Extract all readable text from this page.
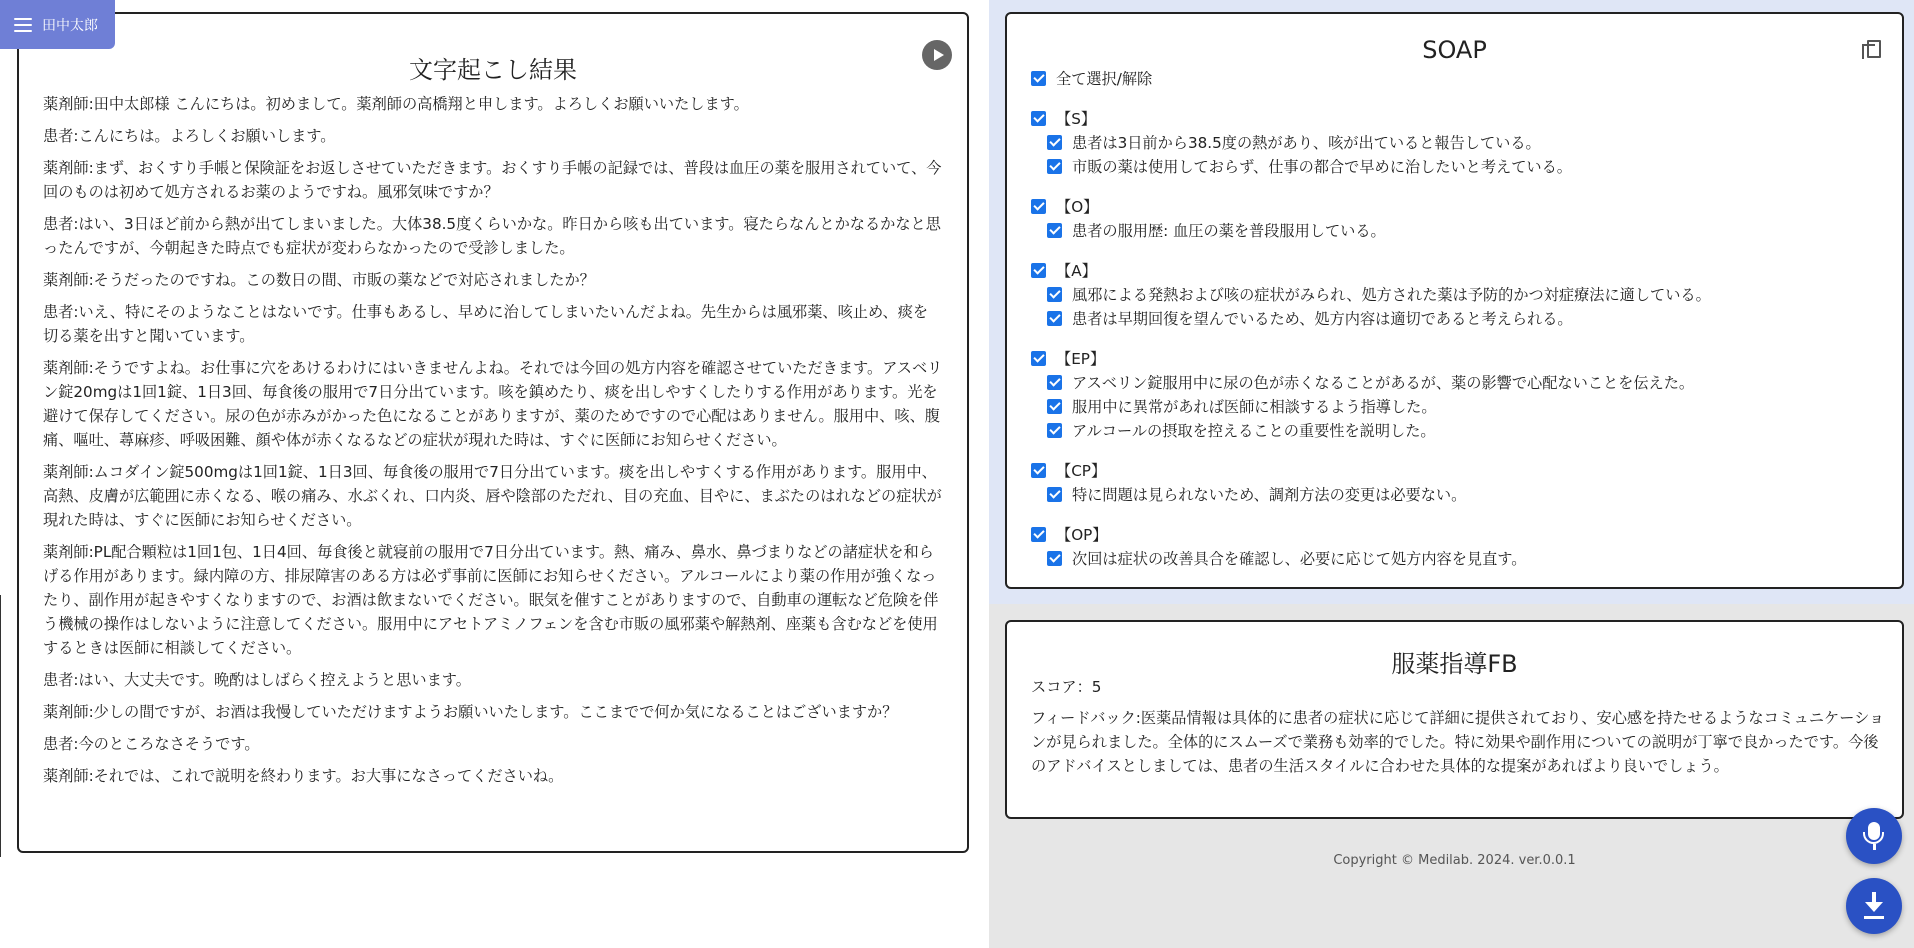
田中太郎
文字起こし結果

薬剤師:田中太郎様 こんにちは。初めまして。薬剤師の高橋翔と申します。よろしくお願いいたします。

患者:こんにちは。よろしくお願いします。

薬剤師:まず、おくすり手帳と保険証をお返しさせていただきます。おくすり手帳の記録では、普段は血圧の薬を服用されていて、今回のものは初めて処方されるお薬のようですね。風邪気味ですか？

患者:はい、3日ほど前から熱が出てしまいました。大体38.5度くらいかな。昨日から咳も出ています。寝たらなんとかなるかなと思ったんですが、今朝起きた時点でも症状が変わらなかったので受診しました。

薬剤師:そうだったのですね。この数日の間、市販の薬などで対応されましたか？

患者:いえ、特にそのようなことはないです。仕事もあるし、早めに治してしまいたいんだよね。先生からは風邪薬、咳止め、痰を切る薬を出すと聞いています。

薬剤師:そうですよね。お仕事に穴をあけるわけにはいきませんよね。それでは今回の処方内容を確認させていただきます。アスベリン錠20mgは1回1錠、1日3回、毎食後の服用で7日分出ています。咳を鎮めたり、痰を出しやすくしたりする作用があります。光を避けて保存してください。尿の色が赤みがかった色になることがありますが、薬のためですので心配はありません。服用中、咳、腹痛、嘔吐、蕁麻疹、呼吸困難、顔や体が赤くなるなどの症状が現れた時は、すぐに医師にお知らせください。

薬剤師:ムコダイン錠500mgは1回1錠、1日3回、毎食後の服用で7日分出ています。痰を出しやすくする作用があります。服用中、高熱、皮膚が広範囲に赤くなる、喉の痛み、水ぶくれ、口内炎、唇や陰部のただれ、目の充血、目やに、まぶたのはれなどの症状が現れた時は、すぐに医師にお知らせください。

薬剤師:PL配合顆粒は1回1包、1日4回、毎食後と就寝前の服用で7日分出ています。熱、痛み、鼻水、鼻づまりなどの諸症状を和らげる作用があります。緑内障の方、排尿障害のある方は必ず事前に医師にお知らせください。アルコールにより薬の作用が強くなったり、副作用が起きやすくなりますので、お酒は飲まないでください。眠気を催すことがありますので、自動車の運転など危険を伴う機械の操作はしないように注意してください。服用中にアセトアミノフェンを含む市販の風邪薬や解熱剤、座薬も含むなどを使用するときは医師に相談してください。

患者:はい、大丈夫です。晩酌はしばらく控えようと思います。

薬剤師:少しの間ですが、お酒は我慢していただけますようお願いいたします。ここまでで何か気になることはございますか？

患者:今のところなさそうです。

薬剤師:それでは、これで説明を終わります。お大事になさってくださいね。

SOAP
全て選択/解除
【S】
患者は3日前から38.5度の熱があり、咳が出ていると報告している。
市販の薬は使用しておらず、仕事の都合で早めに治したいと考えている。
【O】
患者の服用歴: 血圧の薬を普段服用している。
【A】
風邪による発熱および咳の症状がみられ、処方された薬は予防的かつ対症療法に適している。
患者は早期回復を望んでいるため、処方内容は適切であると考えられる。
【EP】
アスベリン錠服用中に尿の色が赤くなることがあるが、薬の影響で心配ないことを伝えた。
服用中に異常があれば医師に相談するよう指導した。
アルコールの摂取を控えることの重要性を説明した。
【CP】
特に問題は見られないため、調剤方法の変更は必要ない。
【OP】
次回は症状の改善具合を確認し、必要に応じて処方内容を見直す。
服薬指導FB
スコア：5
フィードバック:医薬品情報は具体的に患者の症状に応じて詳細に提供されており、安心感を持たせるようなコミュニケーションが見られました。全体的にスムーズで業務も効率的でした。特に効果や副作用についての説明が丁寧で良かったです。今後のアドバイスとしましては、患者の生活スタイルに合わせた具体的な提案があればより良いでしょう。
Copyright © Medilab. 2024. ver.0.0.1
